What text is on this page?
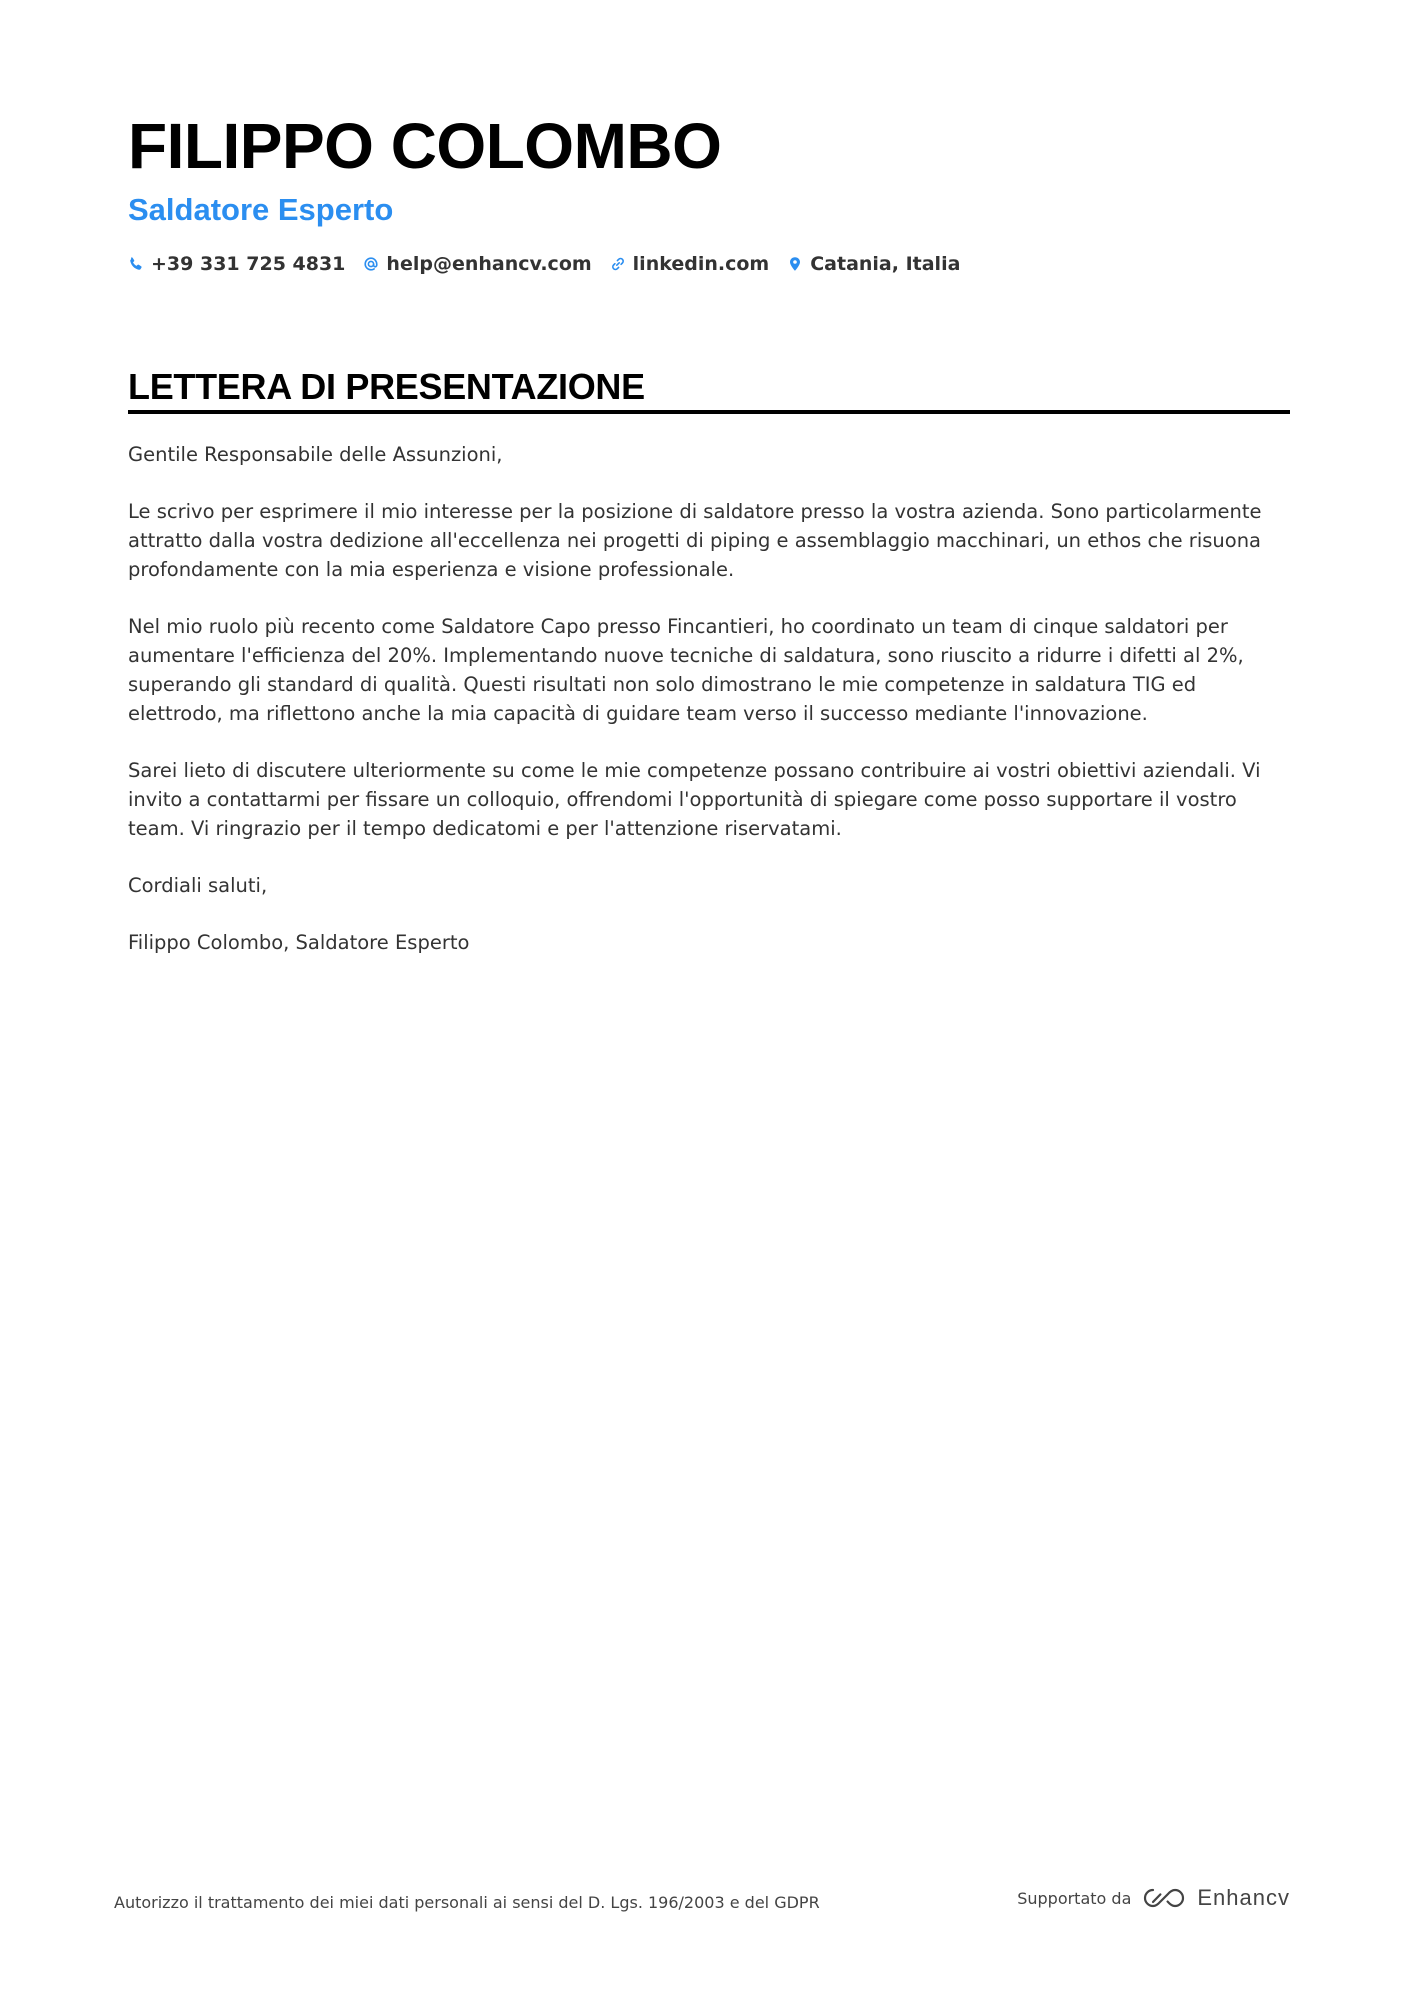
FILIPPO COLOMBO
Saldatore Esperto
+39 331 725 4831 help@enhancv.com linkedin.com Catania, Italia
LETTERA DI PRESENTAZIONE

Gentile Responsabile delle Assunzioni,

Le scrivo per esprimere il mio interesse per la posizione di saldatore presso la vostra azienda. Sono particolarmente attratto dalla vostra dedizione all'eccellenza nei progetti di piping e assemblaggio macchinari, un ethos che risuona profondamente con la mia esperienza e visione professionale.

Nel mio ruolo più recento come Saldatore Capo presso Fincantieri, ho coordinato un team di cinque saldatori per aumentare l'efficienza del 20%. Implementando nuove tecniche di saldatura, sono riuscito a ridurre i difetti al 2%, superando gli standard di qualità. Questi risultati non solo dimostrano le mie competenze in saldatura TIG ed elettrodo, ma riflettono anche la mia capacità di guidare team verso il successo mediante l'innovazione.

Sarei lieto di discutere ulteriormente su come le mie competenze possano contribuire ai vostri obiettivi aziendali. Vi invito a contattarmi per fissare un colloquio, offrendomi l'opportunità di spiegare come posso supportare il vostro team. Vi ringrazio per il tempo dedicatomi e per l'attenzione riservatami.

Cordiali saluti,

Filippo Colombo, Saldatore Esperto

Autorizzo il trattamento dei miei dati personali ai sensi del D. Lgs. 196/2003 e del GDPR	Supportato da	Enhancv
